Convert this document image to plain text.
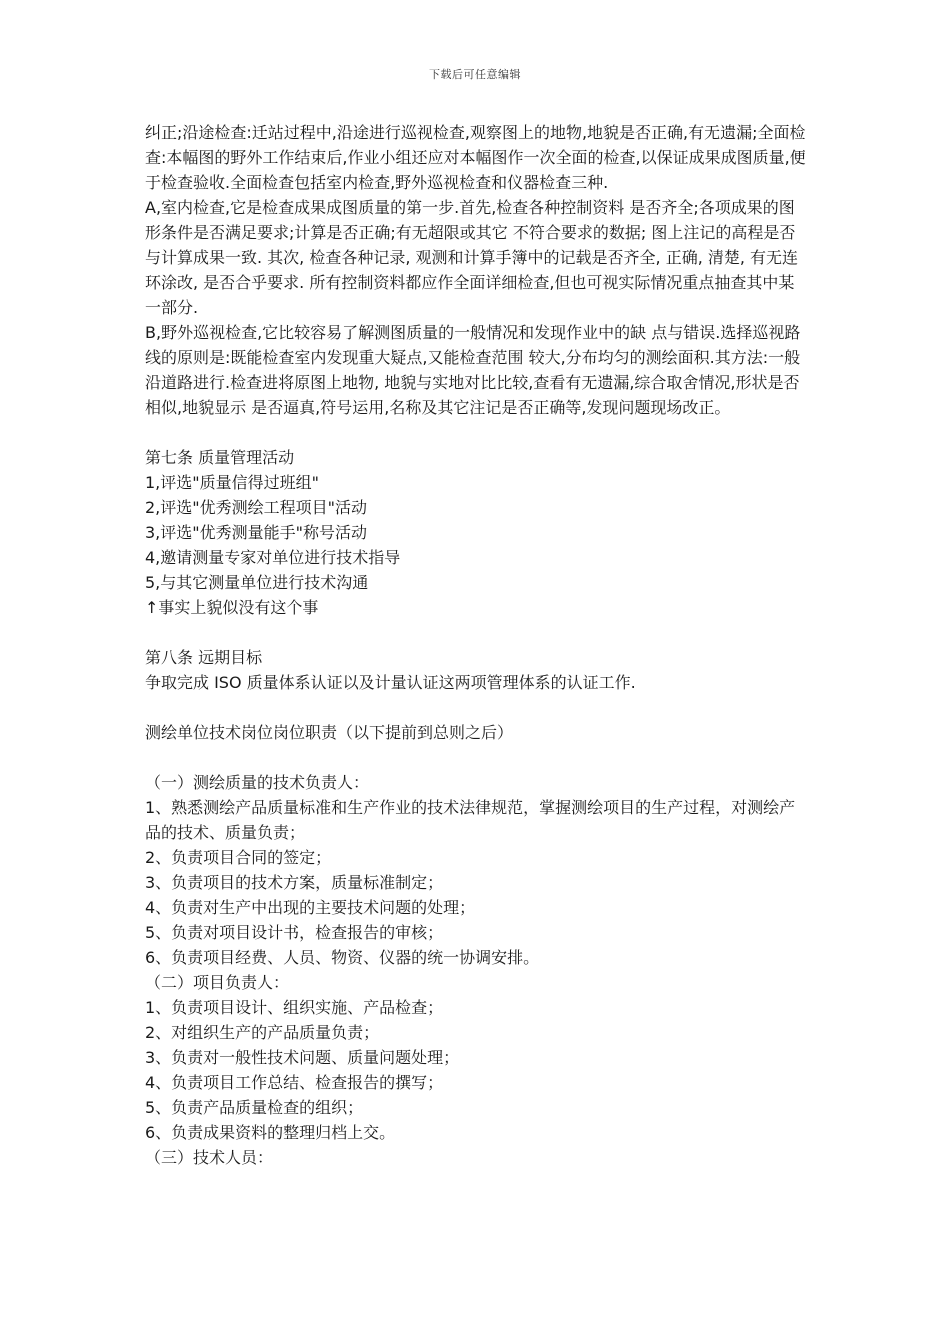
下载后可任意编辑

纠正;沿途检查:迁站过程中,沿途进行巡视检查,观察图上的地物,地貌是否正确,有无遗漏;全面检查:本幅图的野外工作结束后,作业小组还应对本幅图作一次全面的检查,以保证成果成图质量,便于检查验收.全面检查包括室内检查,野外巡视检查和仪器检查三种.

A,室内检查,它是检查成果成图质量的第一步.首先,检查各种控制资料 是否齐全;各项成果的图形条件是否满足要求;计算是否正确;有无超限或其它 不符合要求的数据; 图上注记的高程是否与计算成果一致. 其次, 检查各种记录, 观测和计算手簿中的记载是否齐全, 正确, 清楚, 有无连环涂改, 是否合乎要求. 所有控制资料都应作全面详细检查,但也可视实际情况重点抽查其中某一部分.

B,野外巡视检查,它比较容易了解测图质量的一般情况和发现作业中的缺 点与错误.选择巡视路线的原则是:既能检查室内发现重大疑点,又能检查范围 较大,分布均匀的测绘面积.其方法:一般沿道路进行.检查进将原图上地物, 地貌与实地对比比较,查看有无遗漏,综合取舍情况,形状是否相似,地貌显示 是否逼真,符号运用,名称及其它注记是否正确等,发现问题现场改正。

第七条 质量管理活动

1,评选"质量信得过班组"

2,评选"优秀测绘工程项目"活动

3,评选"优秀测量能手"称号活动

4,邀请测量专家对单位进行技术指导

5,与其它测量单位进行技术沟通

↑事实上貌似没有这个事

第八条 远期目标

争取完成 ISO 质量体系认证以及计量认证这两项管理体系的认证工作.

测绘单位技术岗位岗位职责（以下提前到总则之后）

（一）测绘质量的技术负责人：

1、熟悉测绘产品质量标准和生产作业的技术法律规范，掌握测绘项目的生产过程，对测绘产品的技术、质量负责；

2、负责项目合同的签定；

3、负责项目的技术方案，质量标准制定；

4、负责对生产中出现的主要技术问题的处理；

5、负责对项目设计书，检查报告的审核；

6、负责项目经费、人员、物资、仪器的统一协调安排。

（二）项目负责人：

1、负责项目设计、组织实施、产品检查；

2、对组织生产的产品质量负责；

3、负责对一般性技术问题、质量问题处理；

4、负责项目工作总结、检查报告的撰写；

5、负责产品质量检查的组织；

6、负责成果资料的整理归档上交。

（三）技术人员：
